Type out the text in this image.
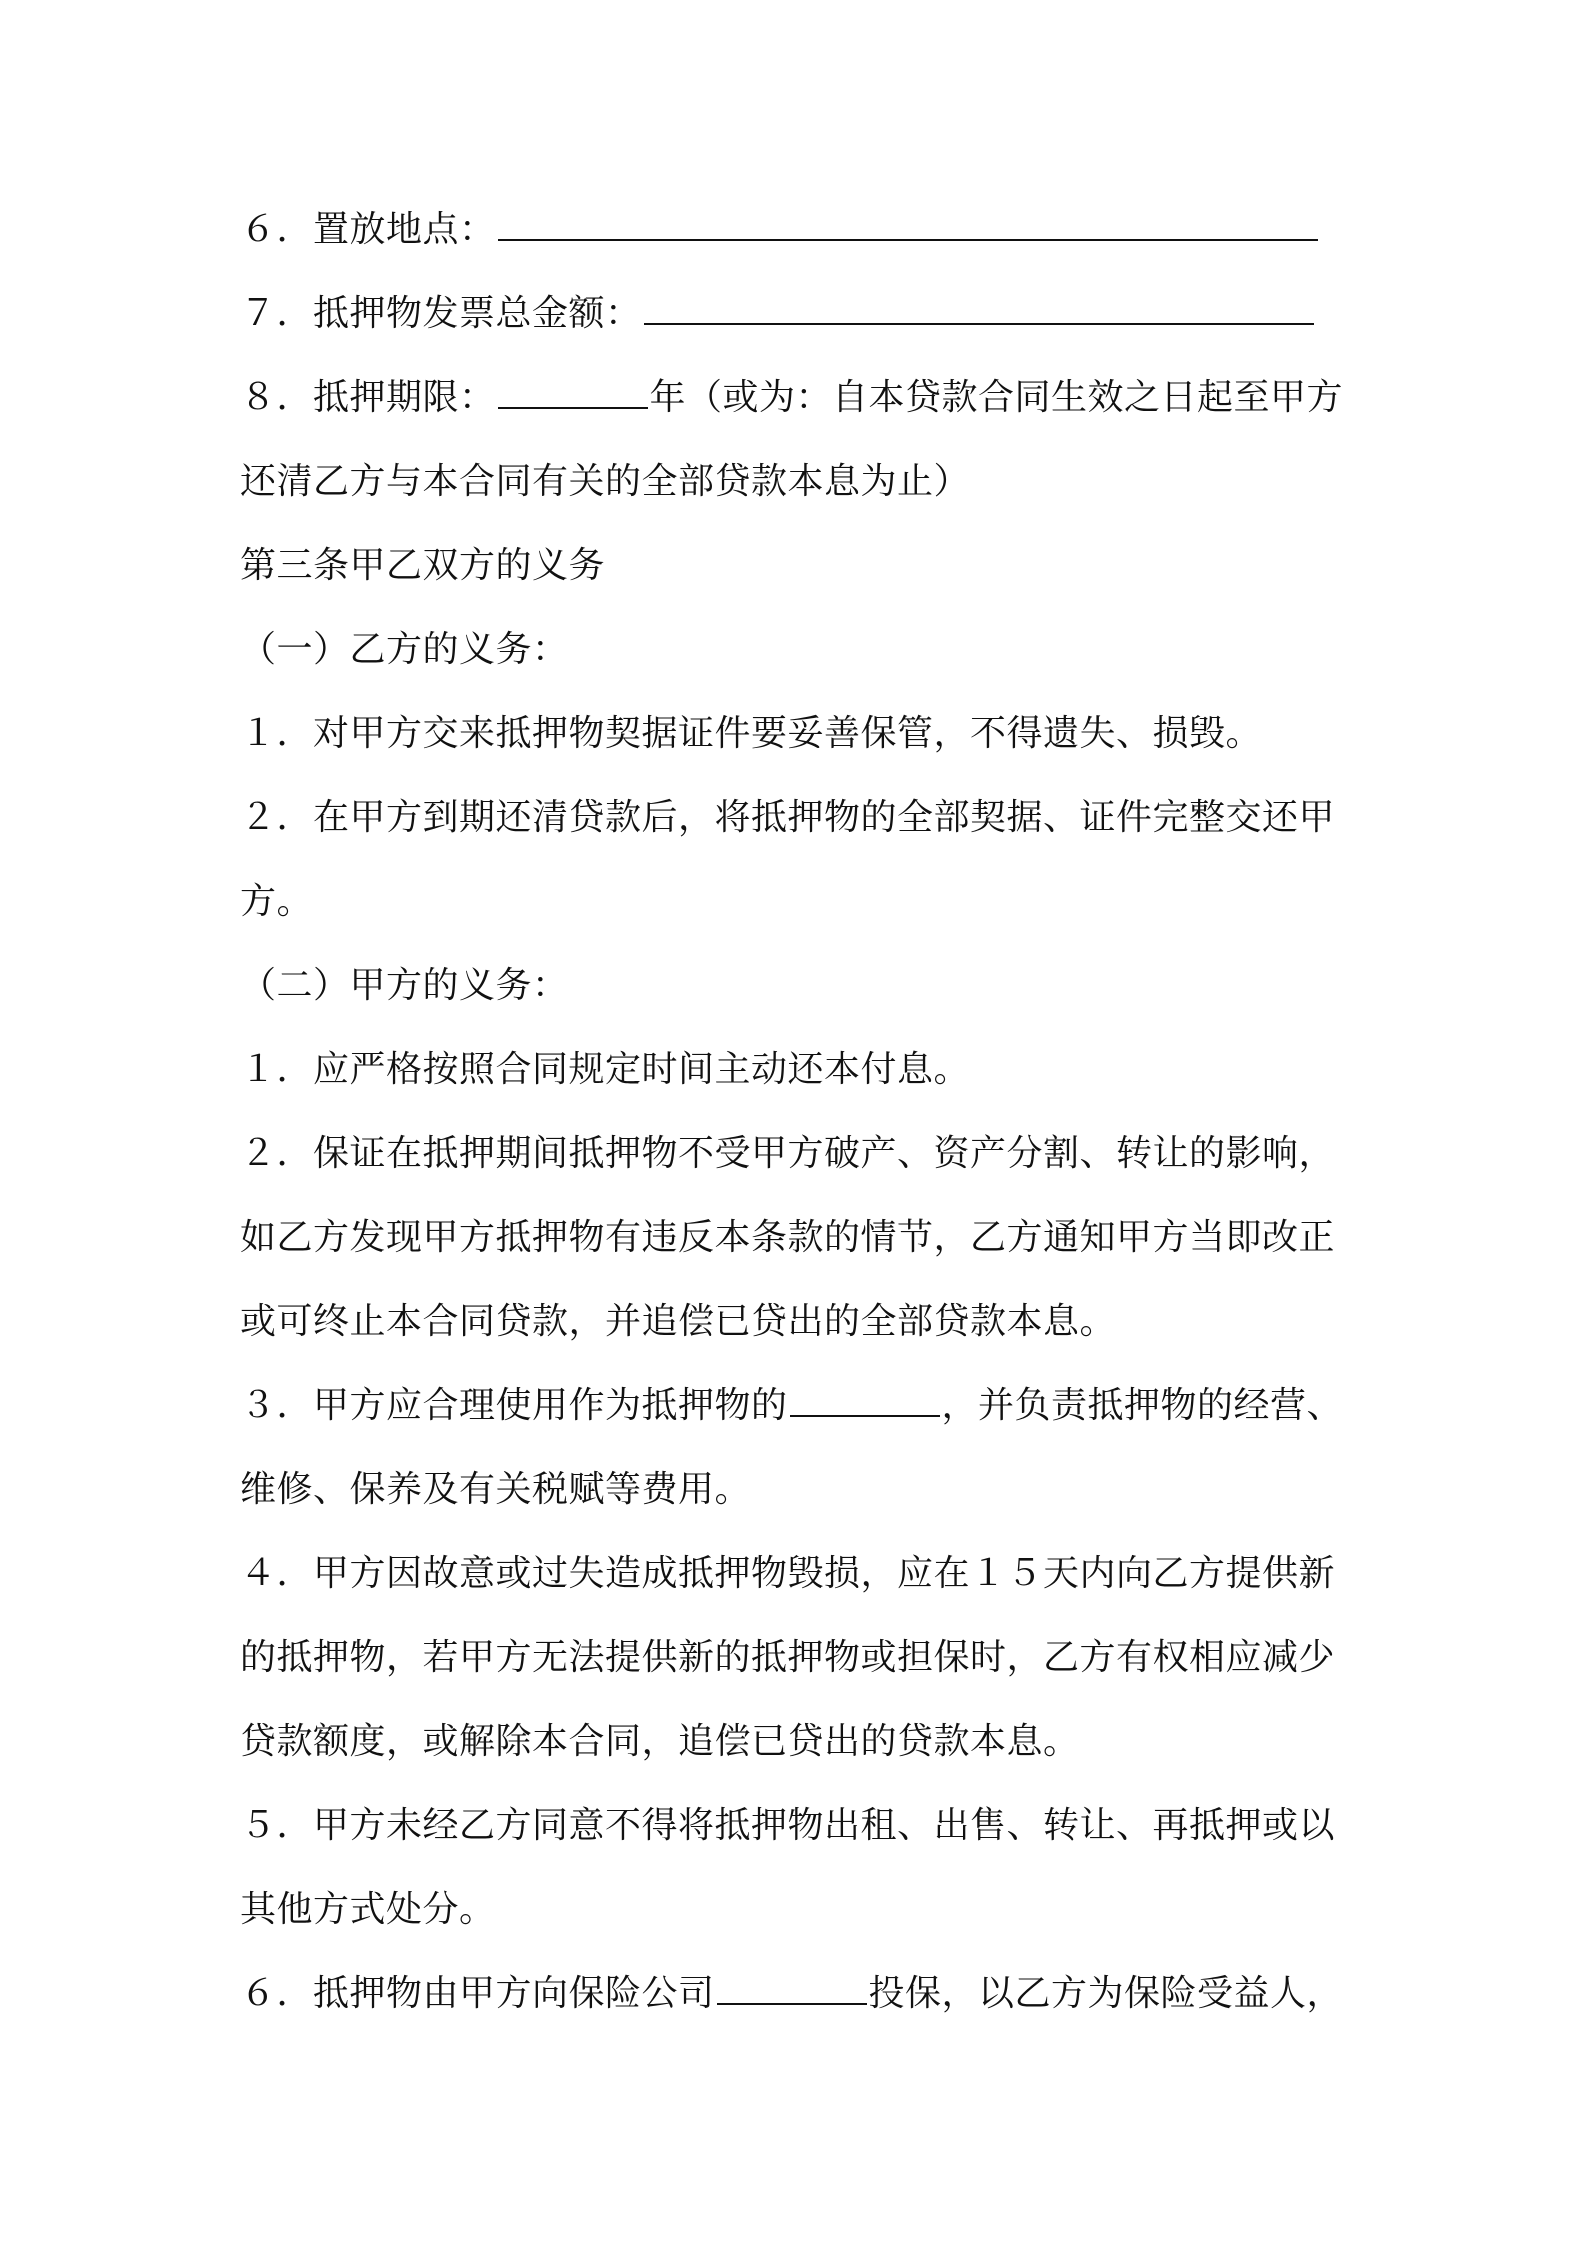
６．置放地点：
７．抵押物发票总金额：
８．抵押期限：	年（或为：自本贷款合同生效之日起至甲方
还清乙方与本合同有关的全部贷款本息为止）
第三条甲乙双方的义务
（一）乙方的义务：
１．对甲方交来抵押物契据证件要妥善保管，不得遗失、损毁。
２．在甲方到期还清贷款后，将抵押物的全部契据、证件完整交还甲
方。
（二）甲方的义务：
１．应严格按照合同规定时间主动还本付息。
２．保证在抵押期间抵押物不受甲方破产、资产分割、转让的影响，
如乙方发现甲方抵押物有违反本条款的情节，乙方通知甲方当即改正
或可终止本合同贷款，并追偿已贷出的全部贷款本息。
３．甲方应合理使用作为抵押物的	，并负责抵押物的经营、
维修、保养及有关税赋等费用。
４．甲方因故意或过失造成抵押物毁损，应在１５天内向乙方提供新
的抵押物，若甲方无法提供新的抵押物或担保时，乙方有权相应减少
贷款额度，或解除本合同，追偿已贷出的贷款本息。
５．甲方未经乙方同意不得将抵押物出租、出售、转让、再抵押或以
其他方式处分。
６．抵押物由甲方向保险公司	投保，以乙方为保险受益人，
